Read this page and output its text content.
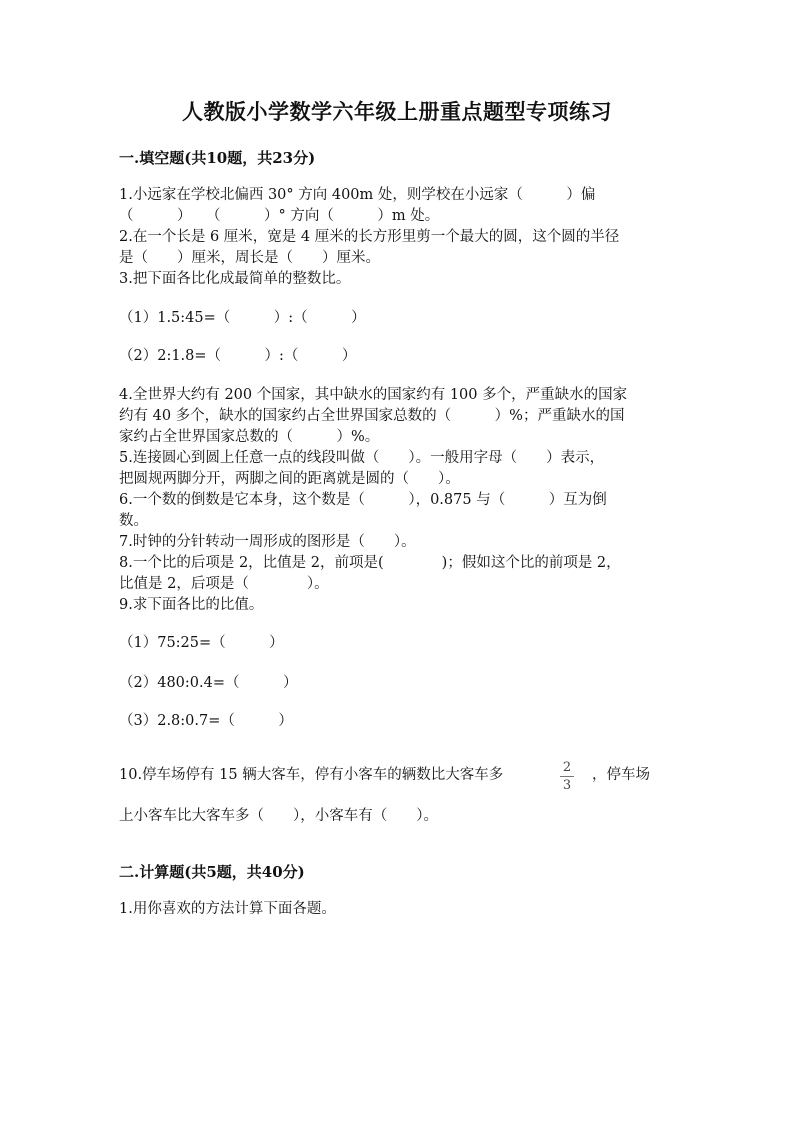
人教版小学数学六年级上册重点题型专项练习
一.填空题(共10题，共23分)
1.小远家在学校北偏西 30° 方向 400m 处，则学校在小远家（　　　）偏
（　　　）　　（　　　）° 方向（　　　）m 处。
2.在一个长是 6 厘米，宽是 4 厘米的长方形里剪一个最大的圆，这个圆的半径
是（　　）厘米，周长是（　　）厘米。
3.把下面各比化成最简单的整数比。
（1）1.5:45=（　　　）:（　　　）
（2）2:1.8=（　　　）:（　　　）
4.全世界大约有 200 个国家，其中缺水的国家约有 100 多个，严重缺水的国家
约有 40 多个，缺水的国家约占全世界国家总数的（　　　）%；严重缺水的国
家约占全世界国家总数的（　　　）%。
5.连接圆心到圆上任意一点的线段叫做（　　）。一般用字母（　　）表示，
把圆规两脚分开，两脚之间的距离就是圆的（　　）。
6.一个数的倒数是它本身，这个数是（　　　），0.875 与（　　　）互为倒
数。
7.时钟的分针转动一周形成的图形是（　　）。
8.一个比的后项是 2，比值是 2，前项是(　　　　)；假如这个比的前项是 2，
比值是 2，后项是（　　　　）。
9.求下面各比的比值。
（1）75:25=（　　　）
（2）480:0.4=（　　　）
（3）2.8:0.7=（　　　）
10.停车场停有 15 辆大客车，停有小客车的辆数比大客车多	2
3
，停车场
上小客车比大客车多（　　），小客车有（　　）。
二.计算题(共5题，共40分)
1.用你喜欢的方法计算下面各题。
